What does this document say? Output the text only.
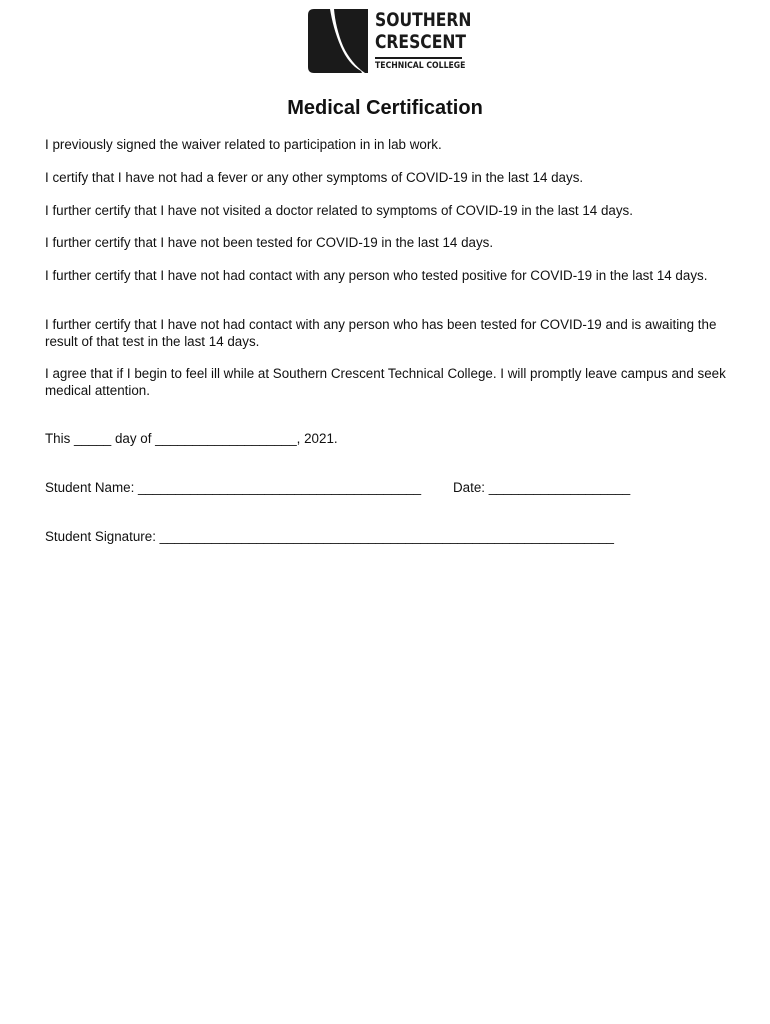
SOUTHERN
CRESCENT
TECHNICAL COLLEGE
Medical Certification

I previously signed the waiver related to participation in in lab work.

I certify that I have not had a fever or any other symptoms of COVID-19 in the last 14 days.

I further certify that I have not visited a doctor related to symptoms of COVID-19 in the last 14 days.

I further certify that I have not been tested for COVID-19 in the last 14 days.

I further certify that I have not had contact with any person who tested positive for COVID-19 in the last 14 days.

I further certify that I have not had contact with any person who has been tested for COVID-19 and is awaiting the result of that test in the last 14 days.

I agree that if I begin to feel ill while at Southern Crescent Technical College. I will promptly leave campus and seek medical attention.

This _____ day of ___________________, 2021.

Student Name: ______________________________________ Date: ___________________
Student Signature: _____________________________________________________________
